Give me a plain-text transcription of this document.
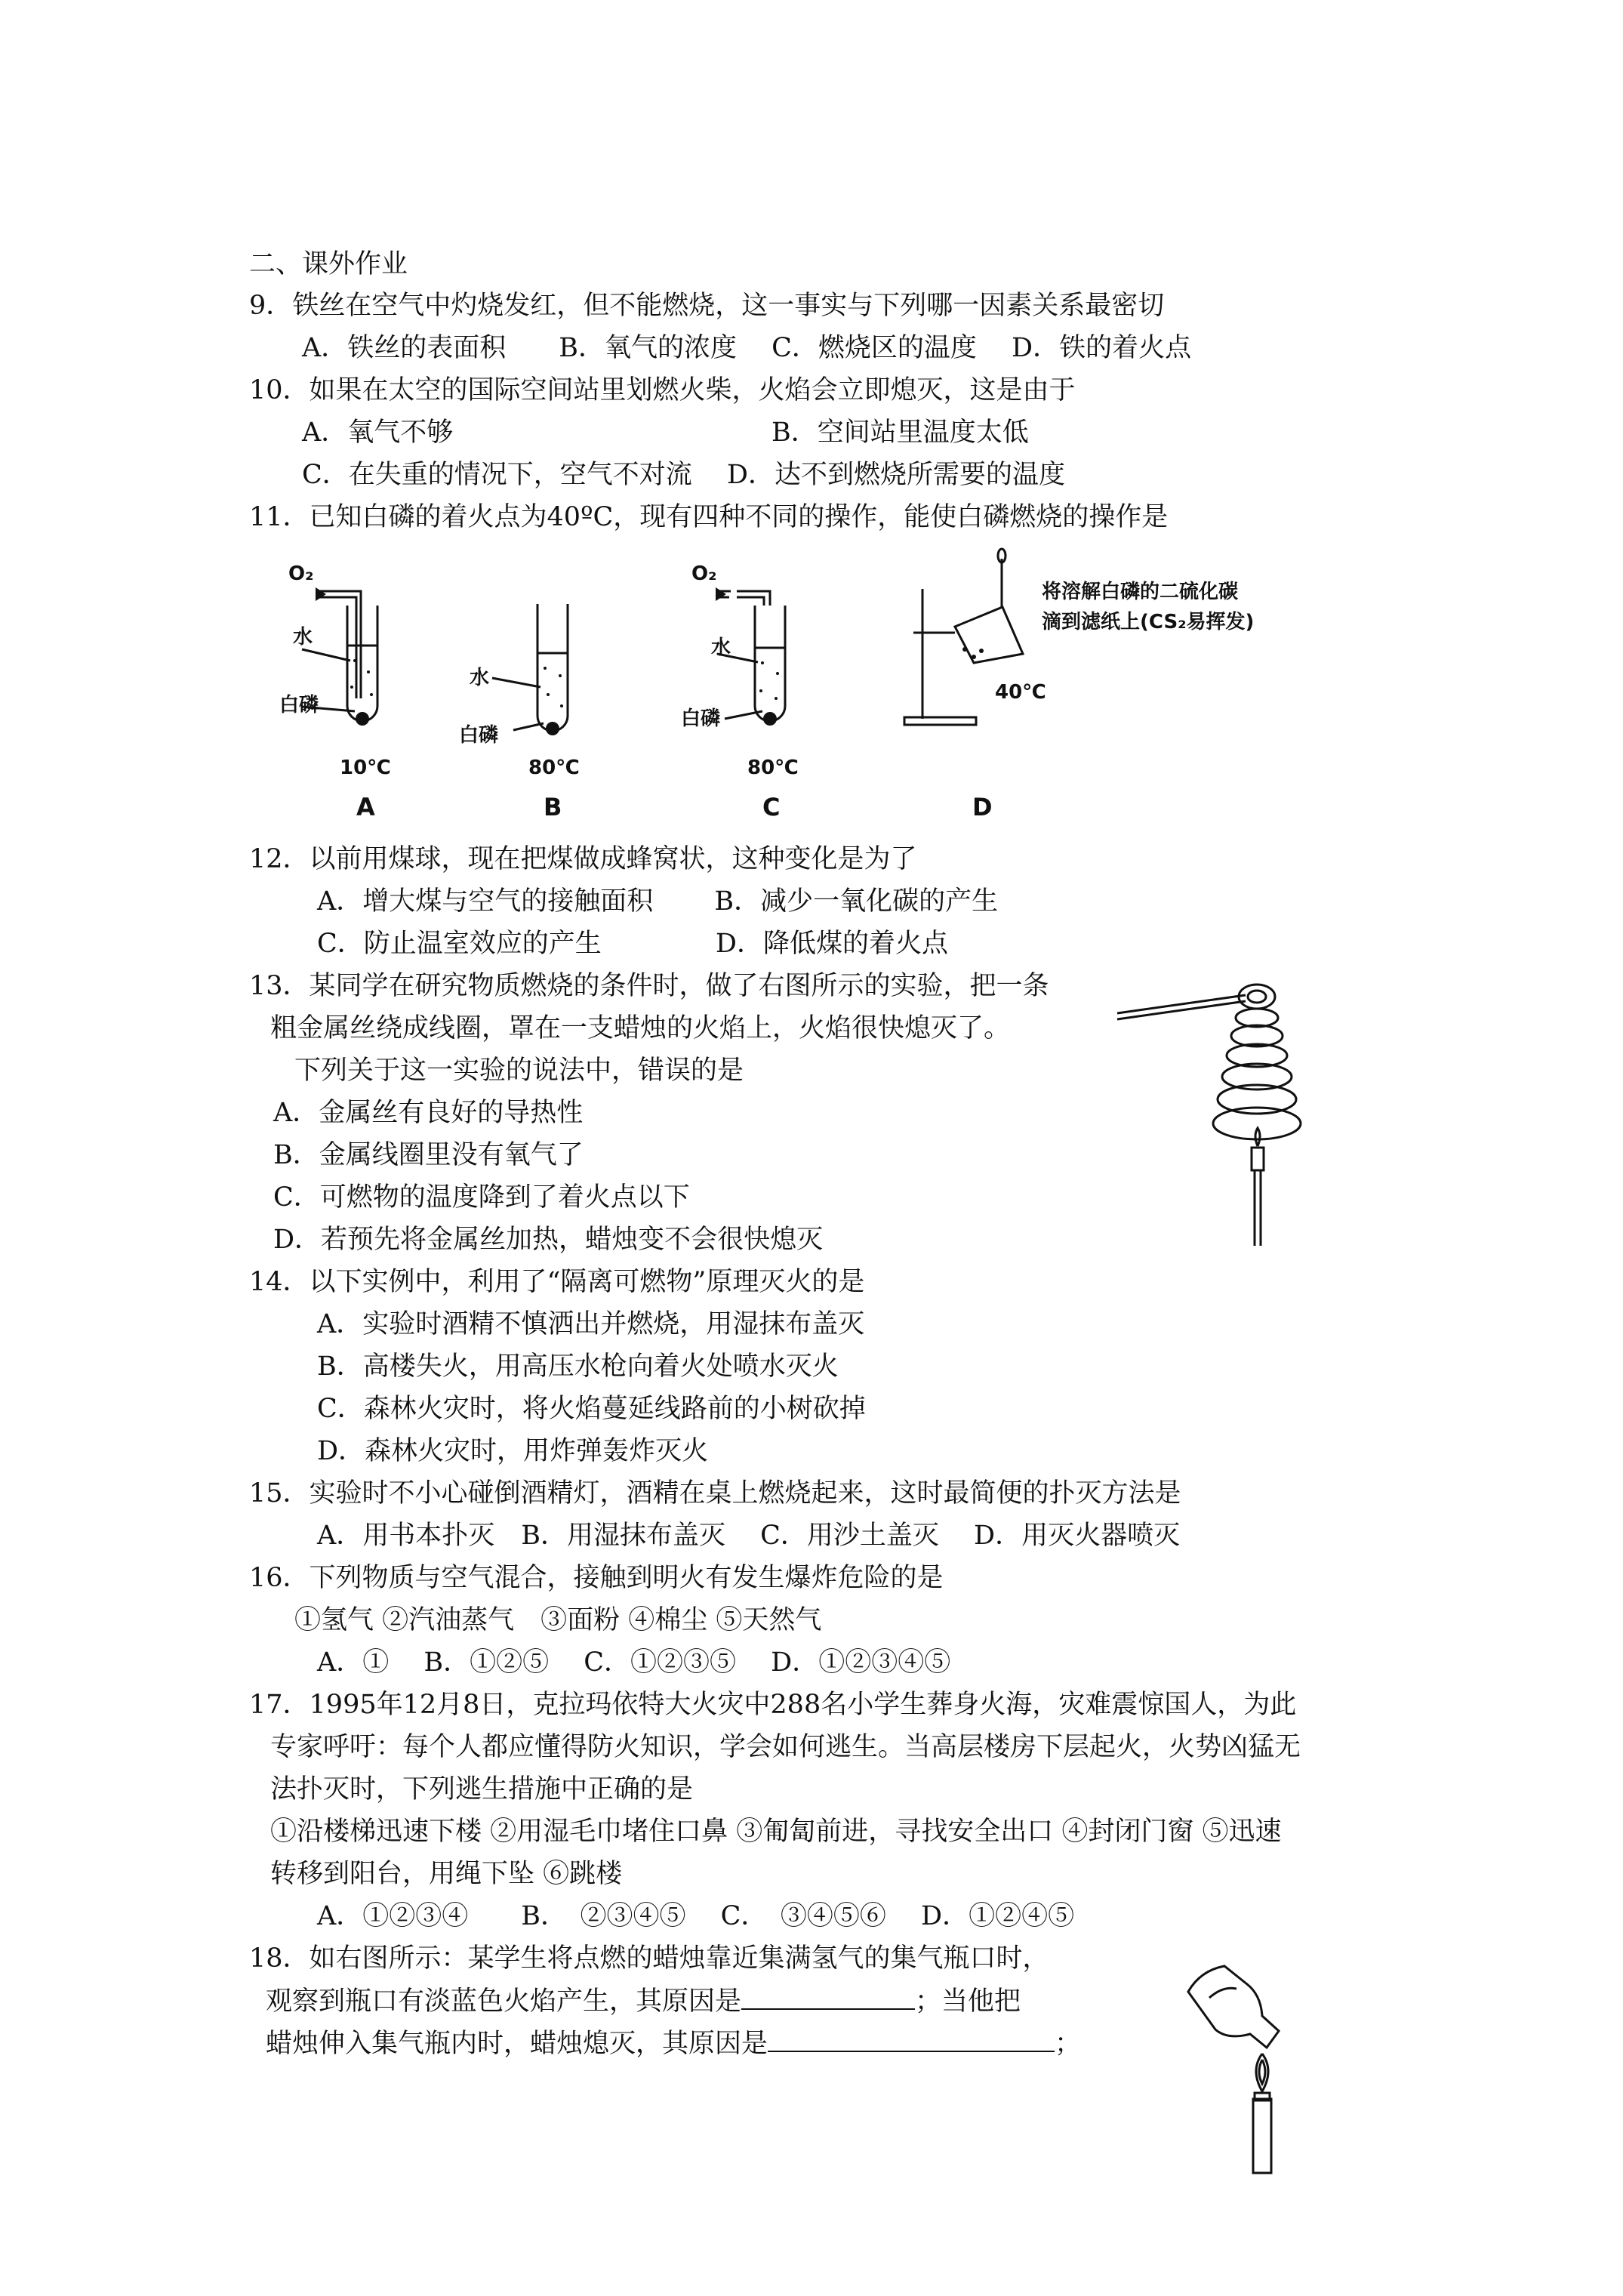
二、课外作业
9．铁丝在空气中灼烧发红，但不能燃烧，这一事实与下列哪一因素关系最密切
A．铁丝的表面积　　B．氧气的浓度　 C．燃烧区的温度　 D．铁的着火点
10．如果在太空的国际空间站里划燃火柴，火焰会立即熄灭，这是由于
A．氧气不够	B．空间站里温度太低
C．在失重的情况下，空气不对流　 D．达不到燃烧所需要的温度
11．已知白磷的着火点为40ºC，现有四种不同的操作，能使白磷燃烧的操作是
O₂
水
白磷
10℃
A
水
白磷
80℃
B
O₂
水
白磷
80℃
C
将溶解白磷的二硫化碳
滴到滤纸上(CS₂易挥发)
40℃
D
12．以前用煤球，现在把煤做成蜂窝状，这种变化是为了
A．增大煤与空气的接触面积　　 B．减少一氧化碳的产生
C．防止温室效应的产生　　　　 D．降低煤的着火点
13．某同学在研究物质燃烧的条件时，做了右图所示的实验，把一条
粗金属丝绕成线圈，罩在一支蜡烛的火焰上，火焰很快熄灭了。
下列关于这一实验的说法中，错误的是
A．金属丝有良好的导热性
B．金属线圈里没有氧气了
C．可燃物的温度降到了着火点以下
D．若预先将金属丝加热，蜡烛变不会很快熄灭
14．以下实例中，利用了“隔离可燃物”原理灭火的是
A．实验时酒精不慎洒出并燃烧，用湿抹布盖灭
B．高楼失火，用高压水枪向着火处喷水灭火
C．森林火灾时，将火焰蔓延线路前的小树砍掉
D．森林火灾时，用炸弹轰炸灭火
15．实验时不小心碰倒酒精灯，酒精在桌上燃烧起来，这时最简便的扑灭方法是
A．用书本扑灭　B．用湿抹布盖灭　 C．用沙土盖灭　 D．用灭火器喷灭
16．下列物质与空气混合，接触到明火有发生爆炸危险的是
①氢气 ②汽油蒸气　③面粉 ④棉尘 ⑤天然气
A．①　 B．①②⑤　 C．①②③⑤　 D．①②③④⑤
17．1995年12月8日，克拉玛依特大火灾中288名小学生葬身火海，灾难震惊国人，为此
专家呼吁：每个人都应懂得防火知识，学会如何逃生。当高层楼房下层起火，火势凶猛无
法扑灭时，下列逃生措施中正确的是
①沿楼梯迅速下楼 ②用湿毛巾堵住口鼻 ③匍匐前进，寻找安全出口 ④封闭门窗 ⑤迅速
转移到阳台，用绳下坠 ⑥跳楼
A．①②③④　　B．　②③④⑤　 C．　③④⑤⑥　 D．①②④⑤
18．如右图所示：某学生将点燃的蜡烛靠近集满氢气的集气瓶口时，
观察到瓶口有淡蓝色火焰产生，其原因是	；当他把
蜡烛伸入集气瓶内时，蜡烛熄灭，其原因是	；
